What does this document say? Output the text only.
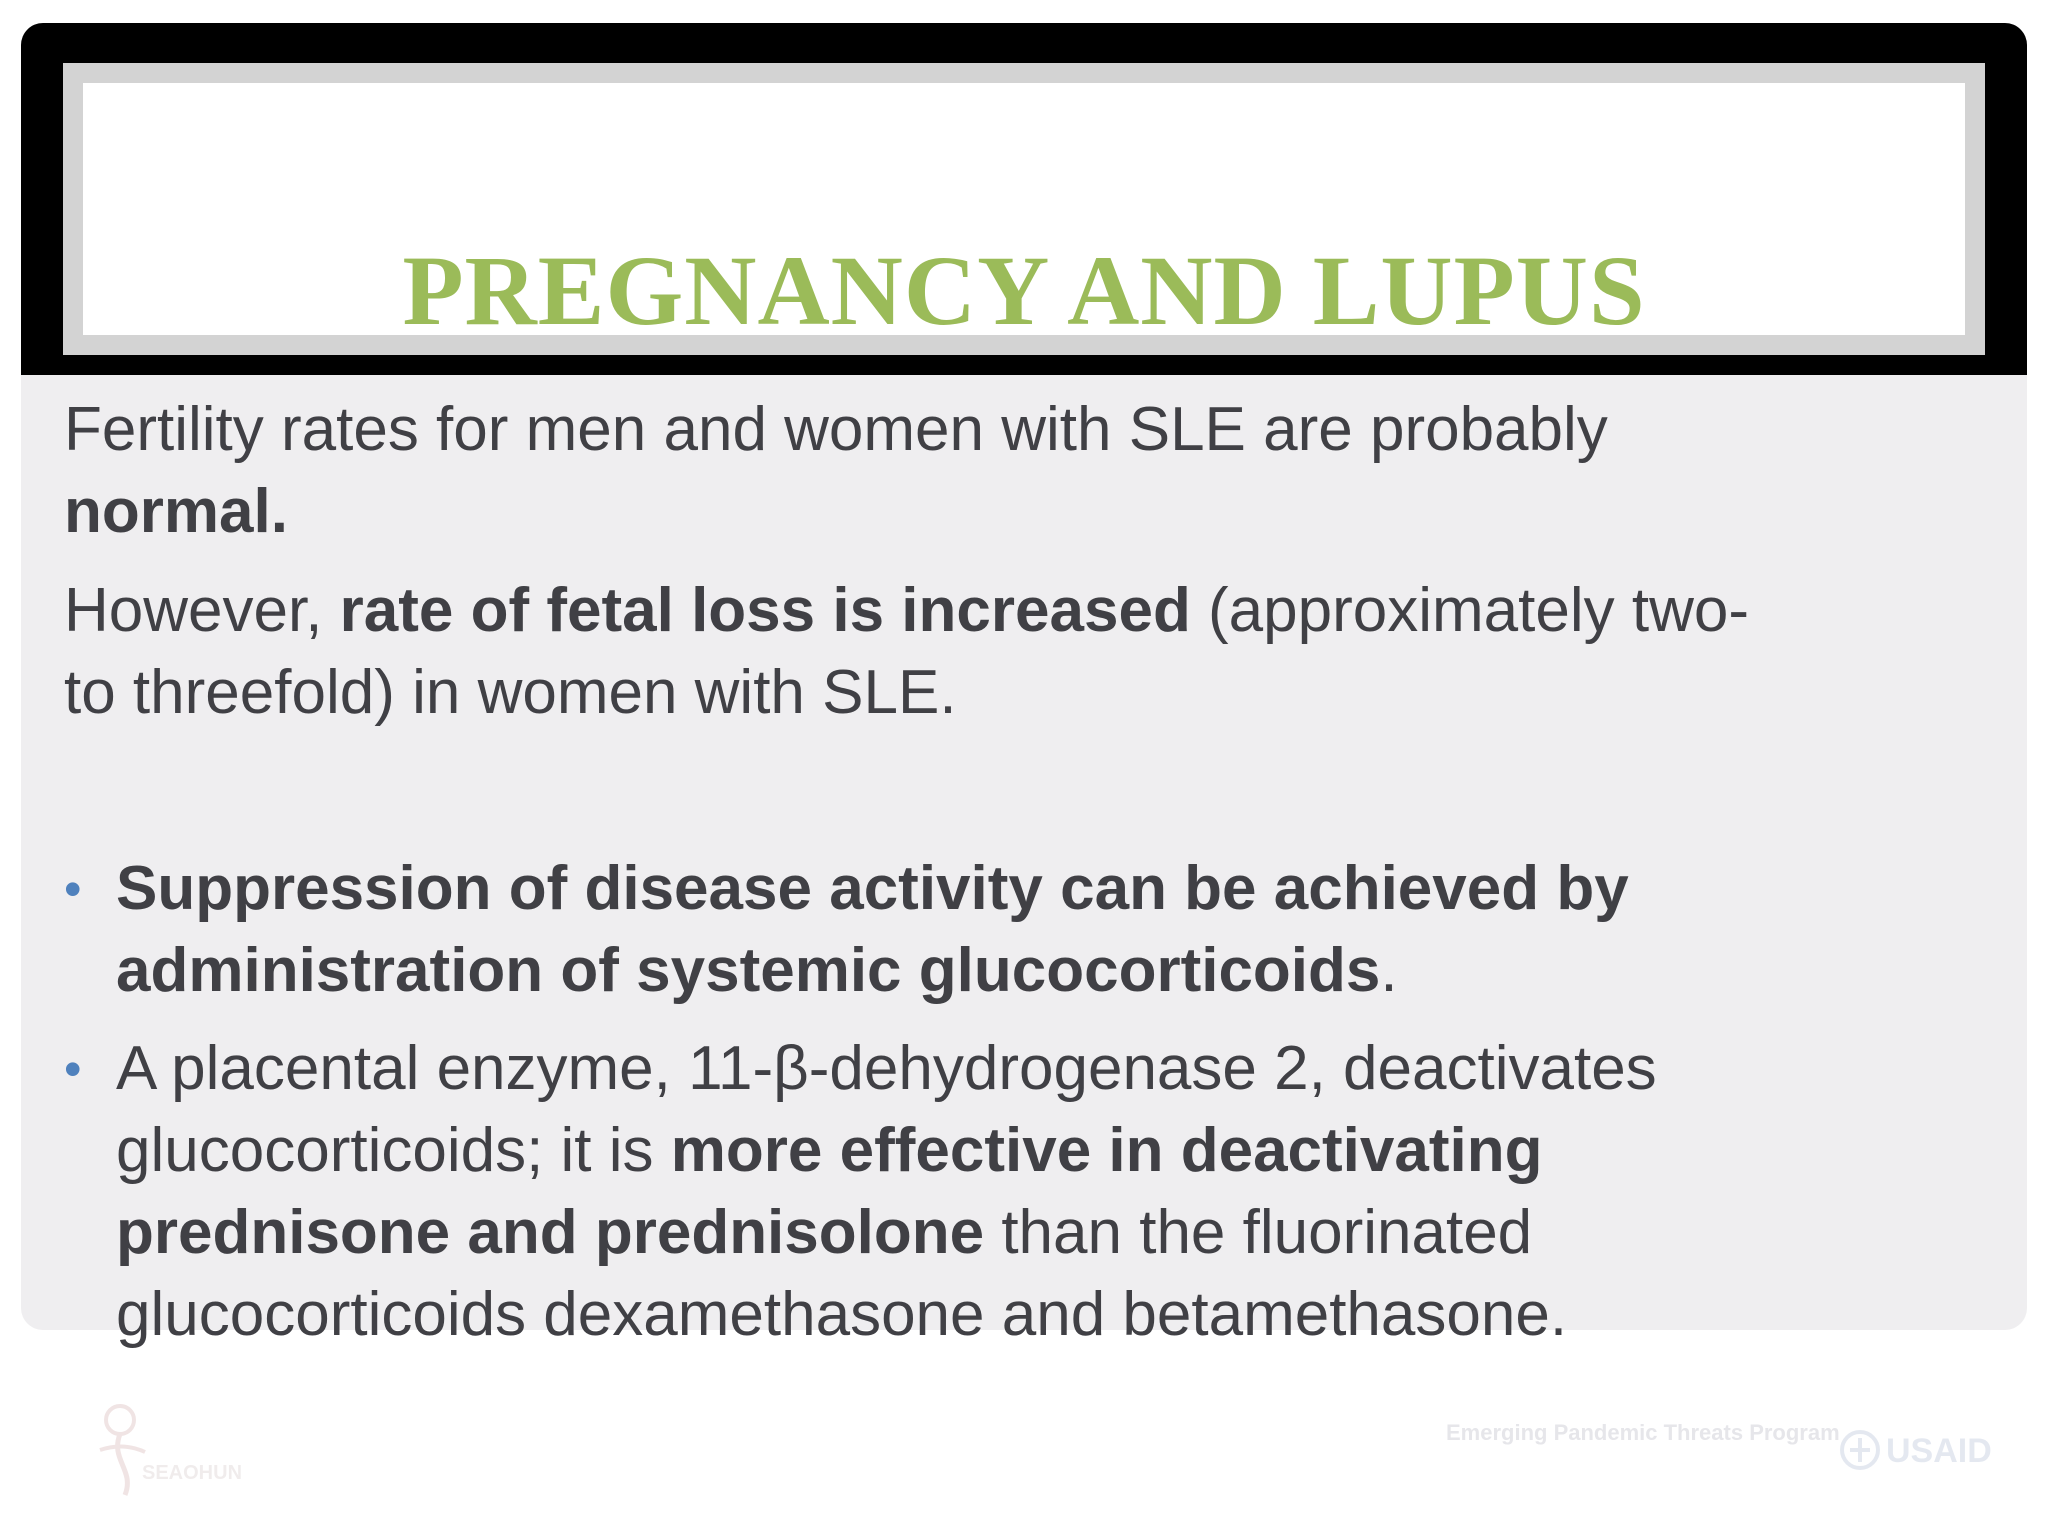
PREGNANCY AND LUPUS

Fertility rates for men and women with SLE are probably
normal.

However, rate of fetal loss is increased (approximately two-
to threefold) in women with SLE.

• Suppression of disease activity can be achieved by
administration of systemic glucocorticoids.
• A placental enzyme, 11-β-dehydrogenase 2, deactivates
glucocorticoids; it is more effective in deactivating
prednisone and prednisolone than the fluorinated
glucocorticoids dexamethasone and betamethasone.
SEAOHUN
Emerging Pandemic Threats Program USAID
